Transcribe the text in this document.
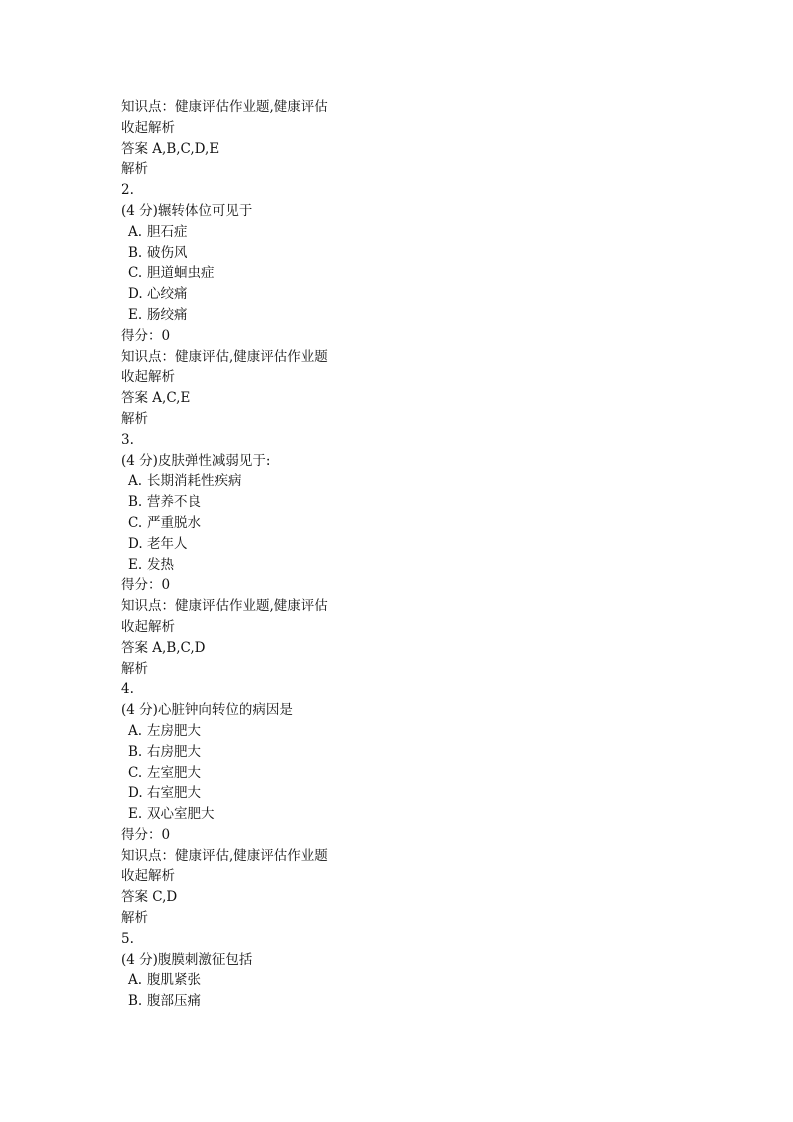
知识点：健康评估作业题,健康评估
收起解析
答案 A,B,C,D,E
解析
2.
(4 分)辗转体位可见于
A. 胆石症
B. 破伤风
C. 胆道蛔虫症
D. 心绞痛
E. 肠绞痛
得分：0
知识点：健康评估,健康评估作业题
收起解析
答案 A,C,E
解析
3.
(4 分)皮肤弹性减弱见于:
A. 长期消耗性疾病
B. 营养不良
C. 严重脱水
D. 老年人
E. 发热
得分：0
知识点：健康评估作业题,健康评估
收起解析
答案 A,B,C,D
解析
4.
(4 分)心脏钟向转位的病因是
A. 左房肥大
B. 右房肥大
C. 左室肥大
D. 右室肥大
E. 双心室肥大
得分：0
知识点：健康评估,健康评估作业题
收起解析
答案 C,D
解析
5.
(4 分)腹膜刺激征包括
A. 腹肌紧张
B. 腹部压痛
